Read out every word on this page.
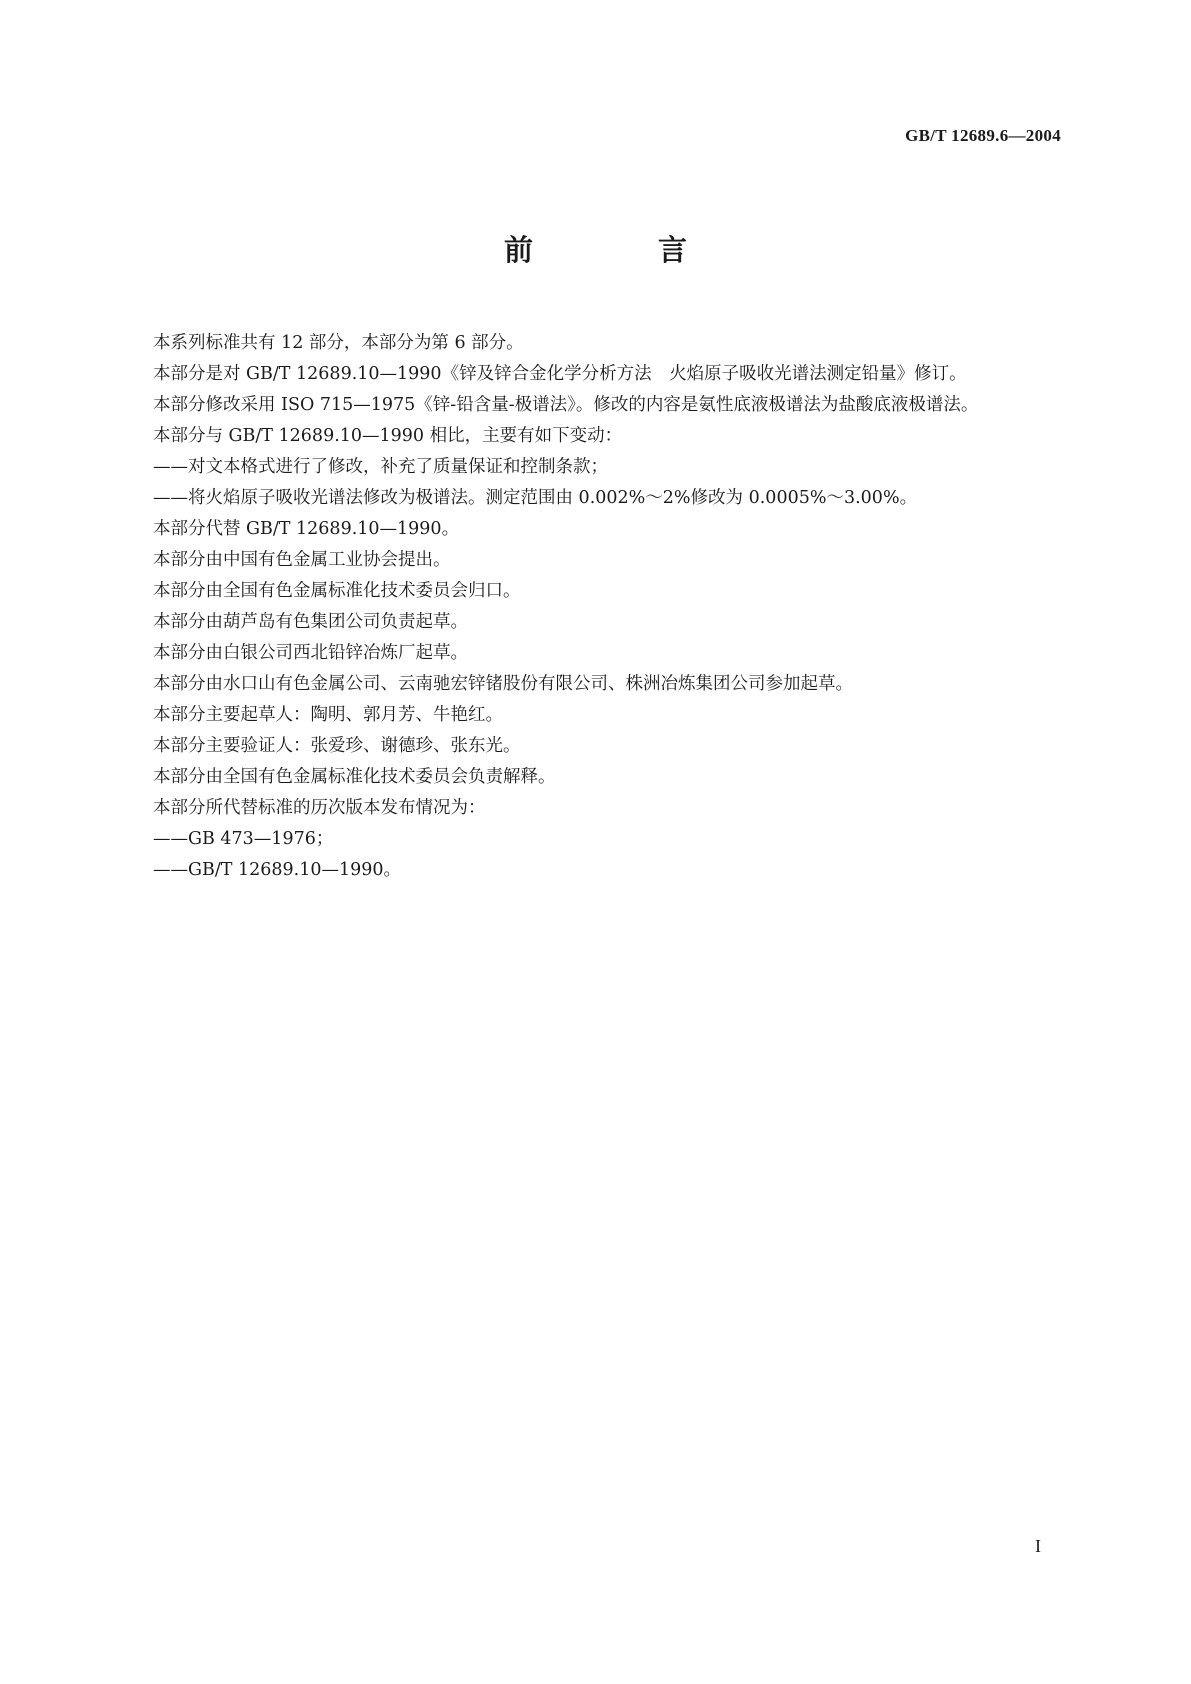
GB/T 12689.6—2004
前　言

本系列标准共有 12 部分，本部分为第 6 部分。

本部分是对 GB/T 12689.10—1990《锌及锌合金化学分析方法　火焰原子吸收光谱法测定铅量》修订。

本部分修改采用 ISO 715—1975《锌-铅含量-极谱法》。修改的内容是氨性底液极谱法为盐酸底液极谱法。

本部分与 GB/T 12689.10—1990 相比，主要有如下变动：

——对文本格式进行了修改，补充了质量保证和控制条款；

——将火焰原子吸收光谱法修改为极谱法。测定范围由 0.002%～2%修改为 0.0005%～3.00%。

本部分代替 GB/T 12689.10—1990。

本部分由中国有色金属工业协会提出。

本部分由全国有色金属标准化技术委员会归口。

本部分由葫芦岛有色集团公司负责起草。

本部分由白银公司西北铅锌冶炼厂起草。

本部分由水口山有色金属公司、云南驰宏锌锗股份有限公司、株洲冶炼集团公司参加起草。

本部分主要起草人：陶明、郭月芳、牛艳红。

本部分主要验证人：张爱珍、谢德珍、张东光。

本部分由全国有色金属标准化技术委员会负责解释。

本部分所代替标准的历次版本发布情况为：

——GB 473—1976；

——GB/T 12689.10—1990。

I
